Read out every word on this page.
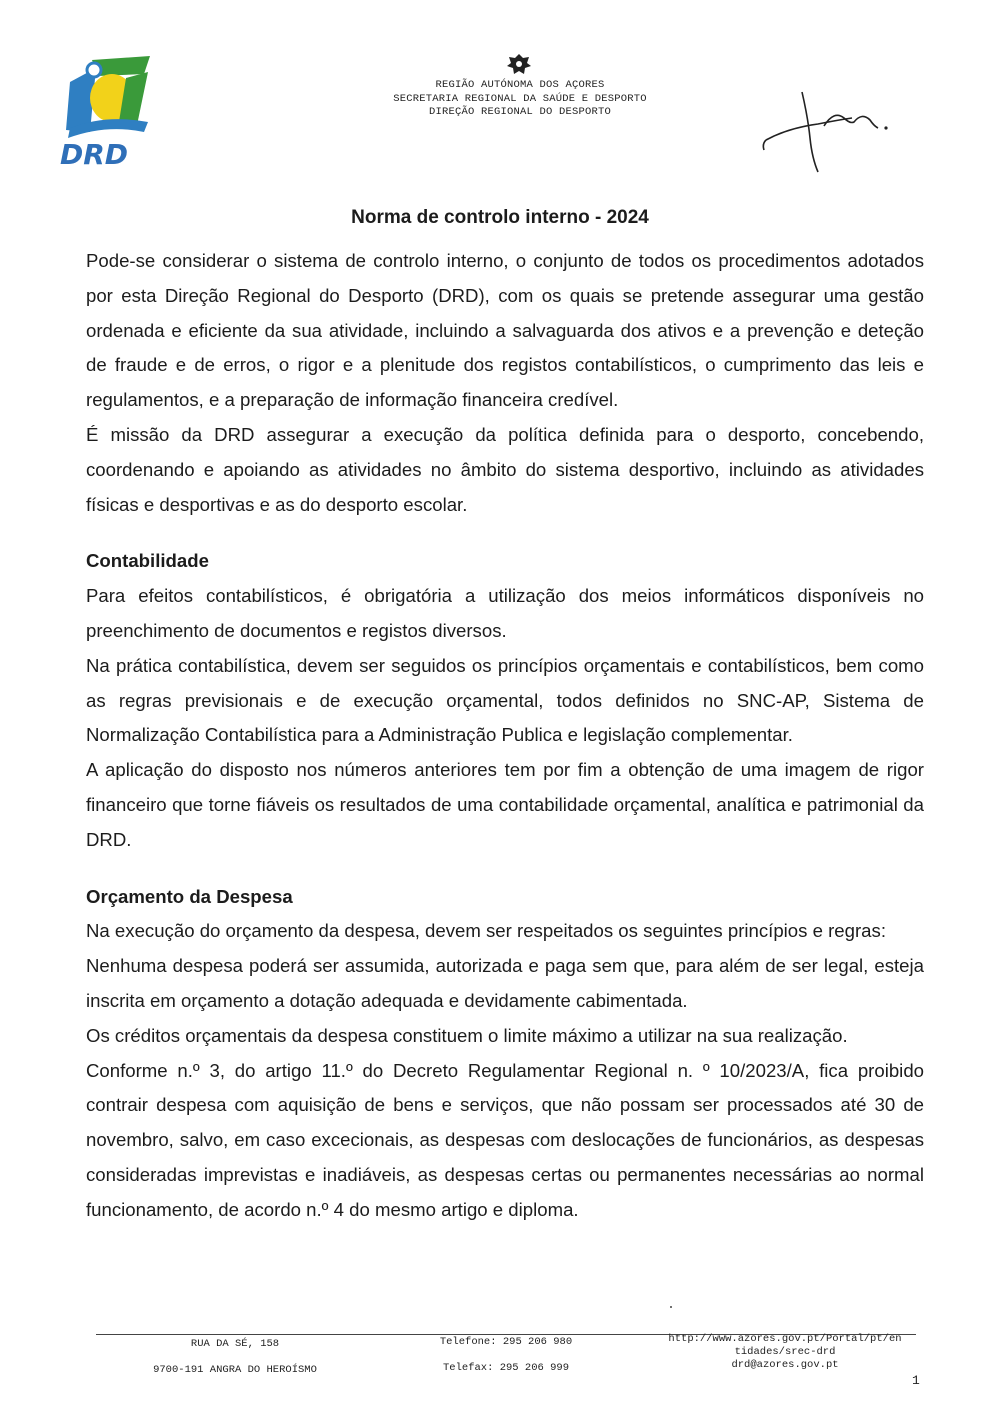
DRD
REGIÃO AUTÓNOMA DOS AÇORES
SECRETARIA REGIONAL DA SAÚDE E DESPORTO
DIREÇÃO REGIONAL DO DESPORTO
Norma de controlo interno - 2024

Pode-se considerar o sistema de controlo interno, o conjunto de todos os procedimentos adotados por esta Direção Regional do Desporto (DRD), com os quais se pretende assegurar uma gestão ordenada e eficiente da sua atividade, incluindo a salvaguarda dos ativos e a prevenção e deteção de fraude e de erros, o rigor e a plenitude dos registos contabilísticos, o cumprimento das leis e regulamentos, e a preparação de informação financeira credível.

É missão da DRD assegurar a execução da política definida para o desporto, concebendo, coordenando e apoiando as atividades no âmbito do sistema desportivo, incluindo as atividades físicas e desportivas e as do desporto escolar.

Contabilidade

Para efeitos contabilísticos, é obrigatória a utilização dos meios informáticos disponíveis no preenchimento de documentos e registos diversos.

Na prática contabilística, devem ser seguidos os princípios orçamentais e contabilísticos, bem como as regras previsionais e de execução orçamental, todos definidos no SNC-AP, Sistema de Normalização Contabilística para a Administração Publica e legislação complementar.

A aplicação do disposto nos números anteriores tem por fim a obtenção de uma imagem de rigor financeiro que torne fiáveis os resultados de uma contabilidade orçamental, analítica e patrimonial da DRD.

Orçamento da Despesa

Na execução do orçamento da despesa, devem ser respeitados os seguintes princípios e regras:

Nenhuma despesa poderá ser assumida, autorizada e paga sem que, para além de ser legal, esteja inscrita em orçamento a dotação adequada e devidamente cabimentada.

Os créditos orçamentais da despesa constituem o limite máximo a utilizar na sua realização.

Conforme n.º 3, do artigo 11.º do Decreto Regulamentar Regional n. º 10/2023/A, fica proibido contrair despesa com aquisição de bens e serviços, que não possam ser processados até 30 de novembro, salvo, em caso excecionais, as despesas com deslocações de funcionários, as despesas consideradas imprevistas e inadiáveis, as despesas certas ou permanentes necessárias ao normal funcionamento, de acordo n.º 4 do mesmo artigo e diploma.

RUA DA SÉ, 158
9700-191 ANGRA DO HEROÍSMO
Telefone: 295 206 980
Telefax: 295 206 999
http://www.azores.gov.pt/Portal/pt/en
tidades/srec-drd
drd@azores.gov.pt
1
